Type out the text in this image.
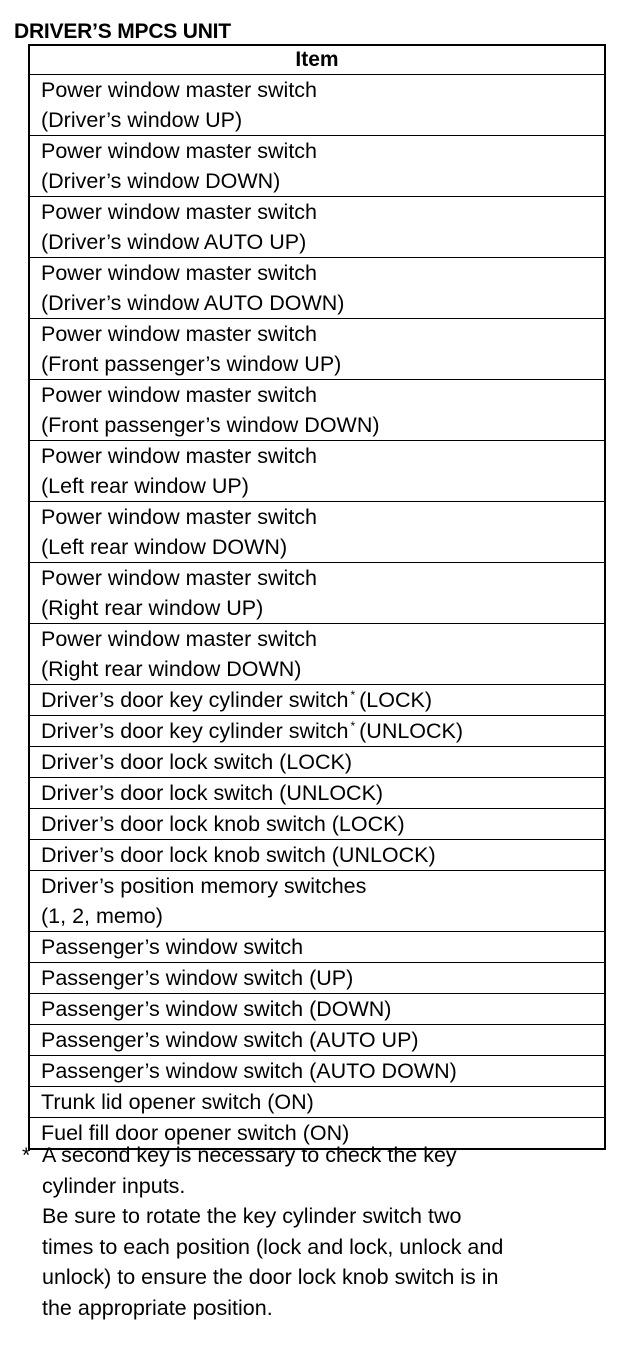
DRIVER’S MPCS UNIT
Item
Power window master switch
(Driver’s window UP)
Power window master switch
(Driver’s window DOWN)
Power window master switch
(Driver’s window AUTO UP)
Power window master switch
(Driver’s window AUTO DOWN)
Power window master switch
(Front passenger’s window UP)
Power window master switch
(Front passenger’s window DOWN)
Power window master switch
(Left rear window UP)
Power window master switch
(Left rear window DOWN)
Power window master switch
(Right rear window UP)
Power window master switch
(Right rear window DOWN)
Driver’s door key cylinder switch * (LOCK)
Driver’s door key cylinder switch * (UNLOCK)
Driver’s door lock switch (LOCK)
Driver’s door lock switch (UNLOCK)
Driver’s door lock knob switch (LOCK)
Driver’s door lock knob switch (UNLOCK)
Driver’s position memory switches
(1, 2, memo)
Passenger’s window switch
Passenger’s window switch (UP)
Passenger’s window switch (DOWN)
Passenger’s window switch (AUTO UP)
Passenger’s window switch (AUTO DOWN)
Trunk lid opener switch (ON)
Fuel fill door opener switch (ON)
* A second key is necessary to check the key
cylinder inputs.
Be sure to rotate the key cylinder switch two
times to each position (lock and lock, unlock and
unlock) to ensure the door lock knob switch is in
the appropriate position.
